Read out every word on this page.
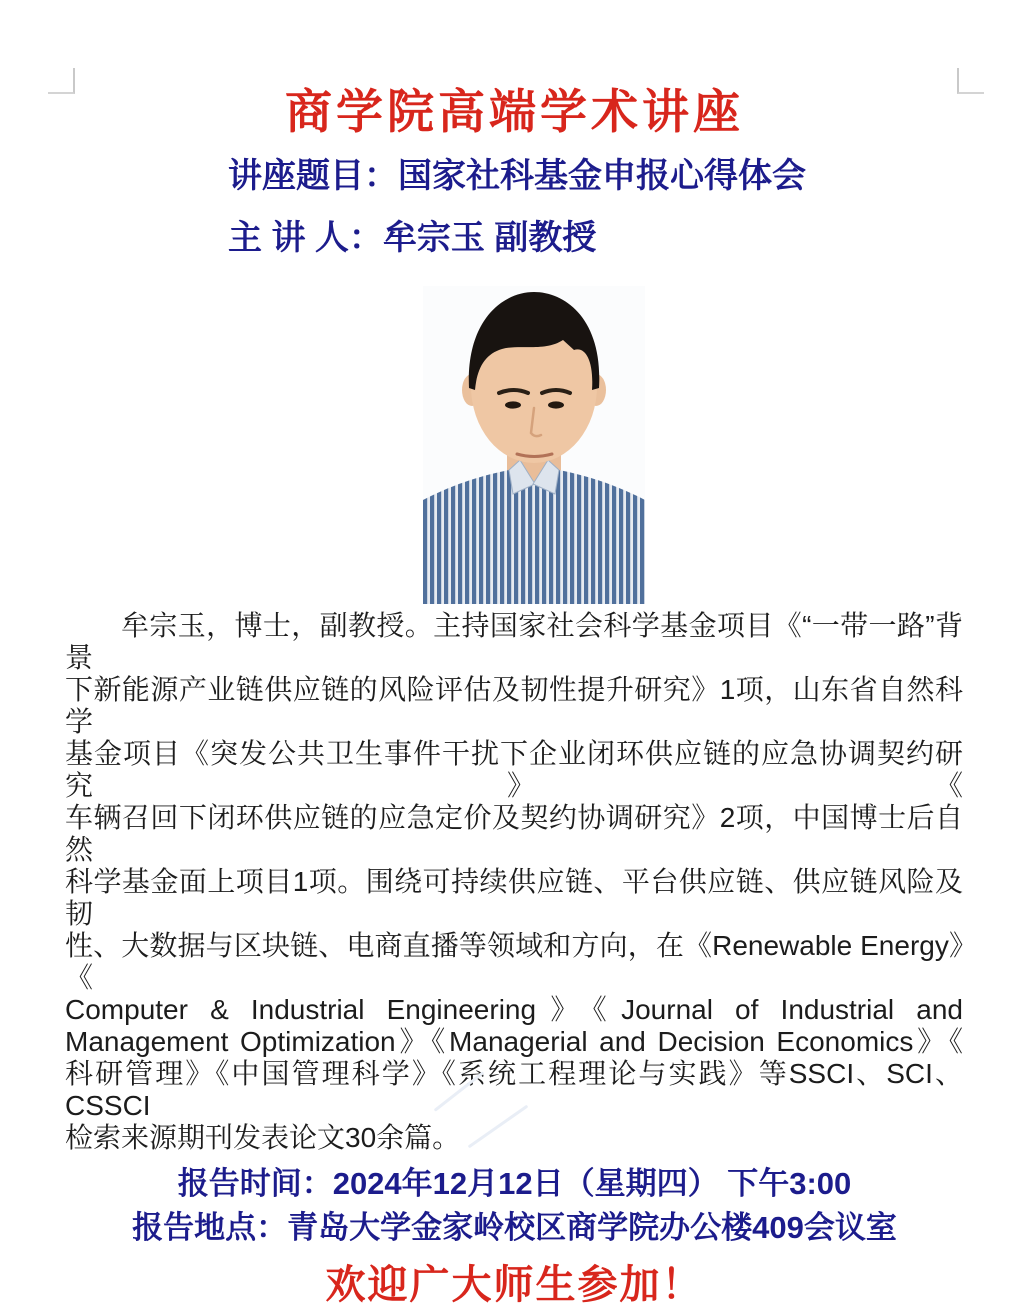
商学院高端学术讲座
讲座题目：国家社科基金申报心得体会
主 讲 人：牟宗玉 副教授
牟宗玉，博士，副教授。主持国家社会科学基金项目《“一带一路”背景
下新能源产业链供应链的风险评估及韧性提升研究》1项，山东省自然科学
基金项目《突发公共卫生事件干扰下企业闭环供应链的应急协调契约研究》《
车辆召回下闭环供应链的应急定价及契约协调研究》2项，中国博士后自然
科学基金面上项目1项。围绕可持续供应链、平台供应链、供应链风险及韧
性、大数据与区块链、电商直播等领域和方向，在《Renewable Energy》《
Computer & Industrial Engineering》《Journal of Industrial and
Management Optimization》《Managerial and Decision Economics》《
科研管理》《中国管理科学》《系统工程理论与实践》等SSCI、SCI、CSSCI
检索来源期刊发表论文30余篇。
报告时间：2024年12月12日（星期四） 下午3:00
报告地点：青岛大学金家岭校区商学院办公楼409会议室
欢迎广大师生参加！
